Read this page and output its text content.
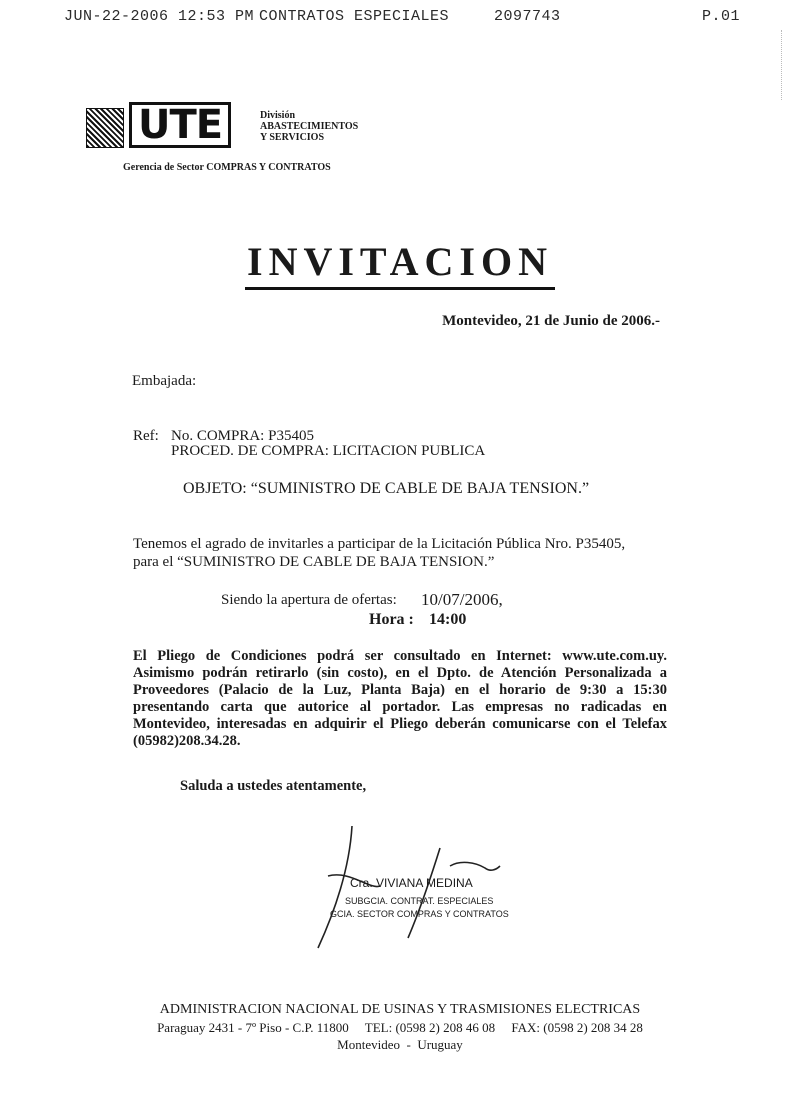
JUN-22-2006 12:53 PM CONTRATOS ESPECIALES	2097743	P.01
UTE	División
ABASTECIMIENTOS
Y SERVICIOS
Gerencia de Sector COMPRAS Y CONTRATOS
INVITACION
Montevideo, 21 de Junio de 2006.-
Embajada:
Ref: No. COMPRA: P35405
PROCED. DE COMPRA: LICITACION PUBLICA
OBJETO: “SUMINISTRO DE CABLE DE BAJA TENSION.”
Tenemos el agrado de invitarles a participar de la Licitación Pública Nro. P35405,
para el “SUMINISTRO DE CABLE DE BAJA TENSION.”
Siendo la apertura de ofertas: 10/07/2006,
Hora : 14:00
El Pliego de Condiciones podrá ser consultado en Internet: www.ute.com.uy. Asimismo podrán retirarlo (sin costo), en el Dpto. de Atención Personalizada a Proveedores (Palacio de la Luz, Planta Baja) en el horario de 9:30 a 15:30 presentando carta que autorice al portador. Las empresas no radicadas en Montevideo, interesadas en adquirir el Pliego deberán comunicarse con el Telefax (05982)208.34.28.
Saluda a ustedes atentamente,
Cra. VIVIANA MEDINA
SUBGCIA. CONTRAT. ESPECIALES
GCIA. SECTOR COMPRAS Y CONTRATOS
ADMINISTRACION NACIONAL DE USINAS Y TRASMISIONES ELECTRICAS
Paraguay 2431 - 7º Piso - C.P. 11800     TEL: (0598 2) 208 46 08     FAX: (0598 2) 208 34 28
Montevideo  -  Uruguay
